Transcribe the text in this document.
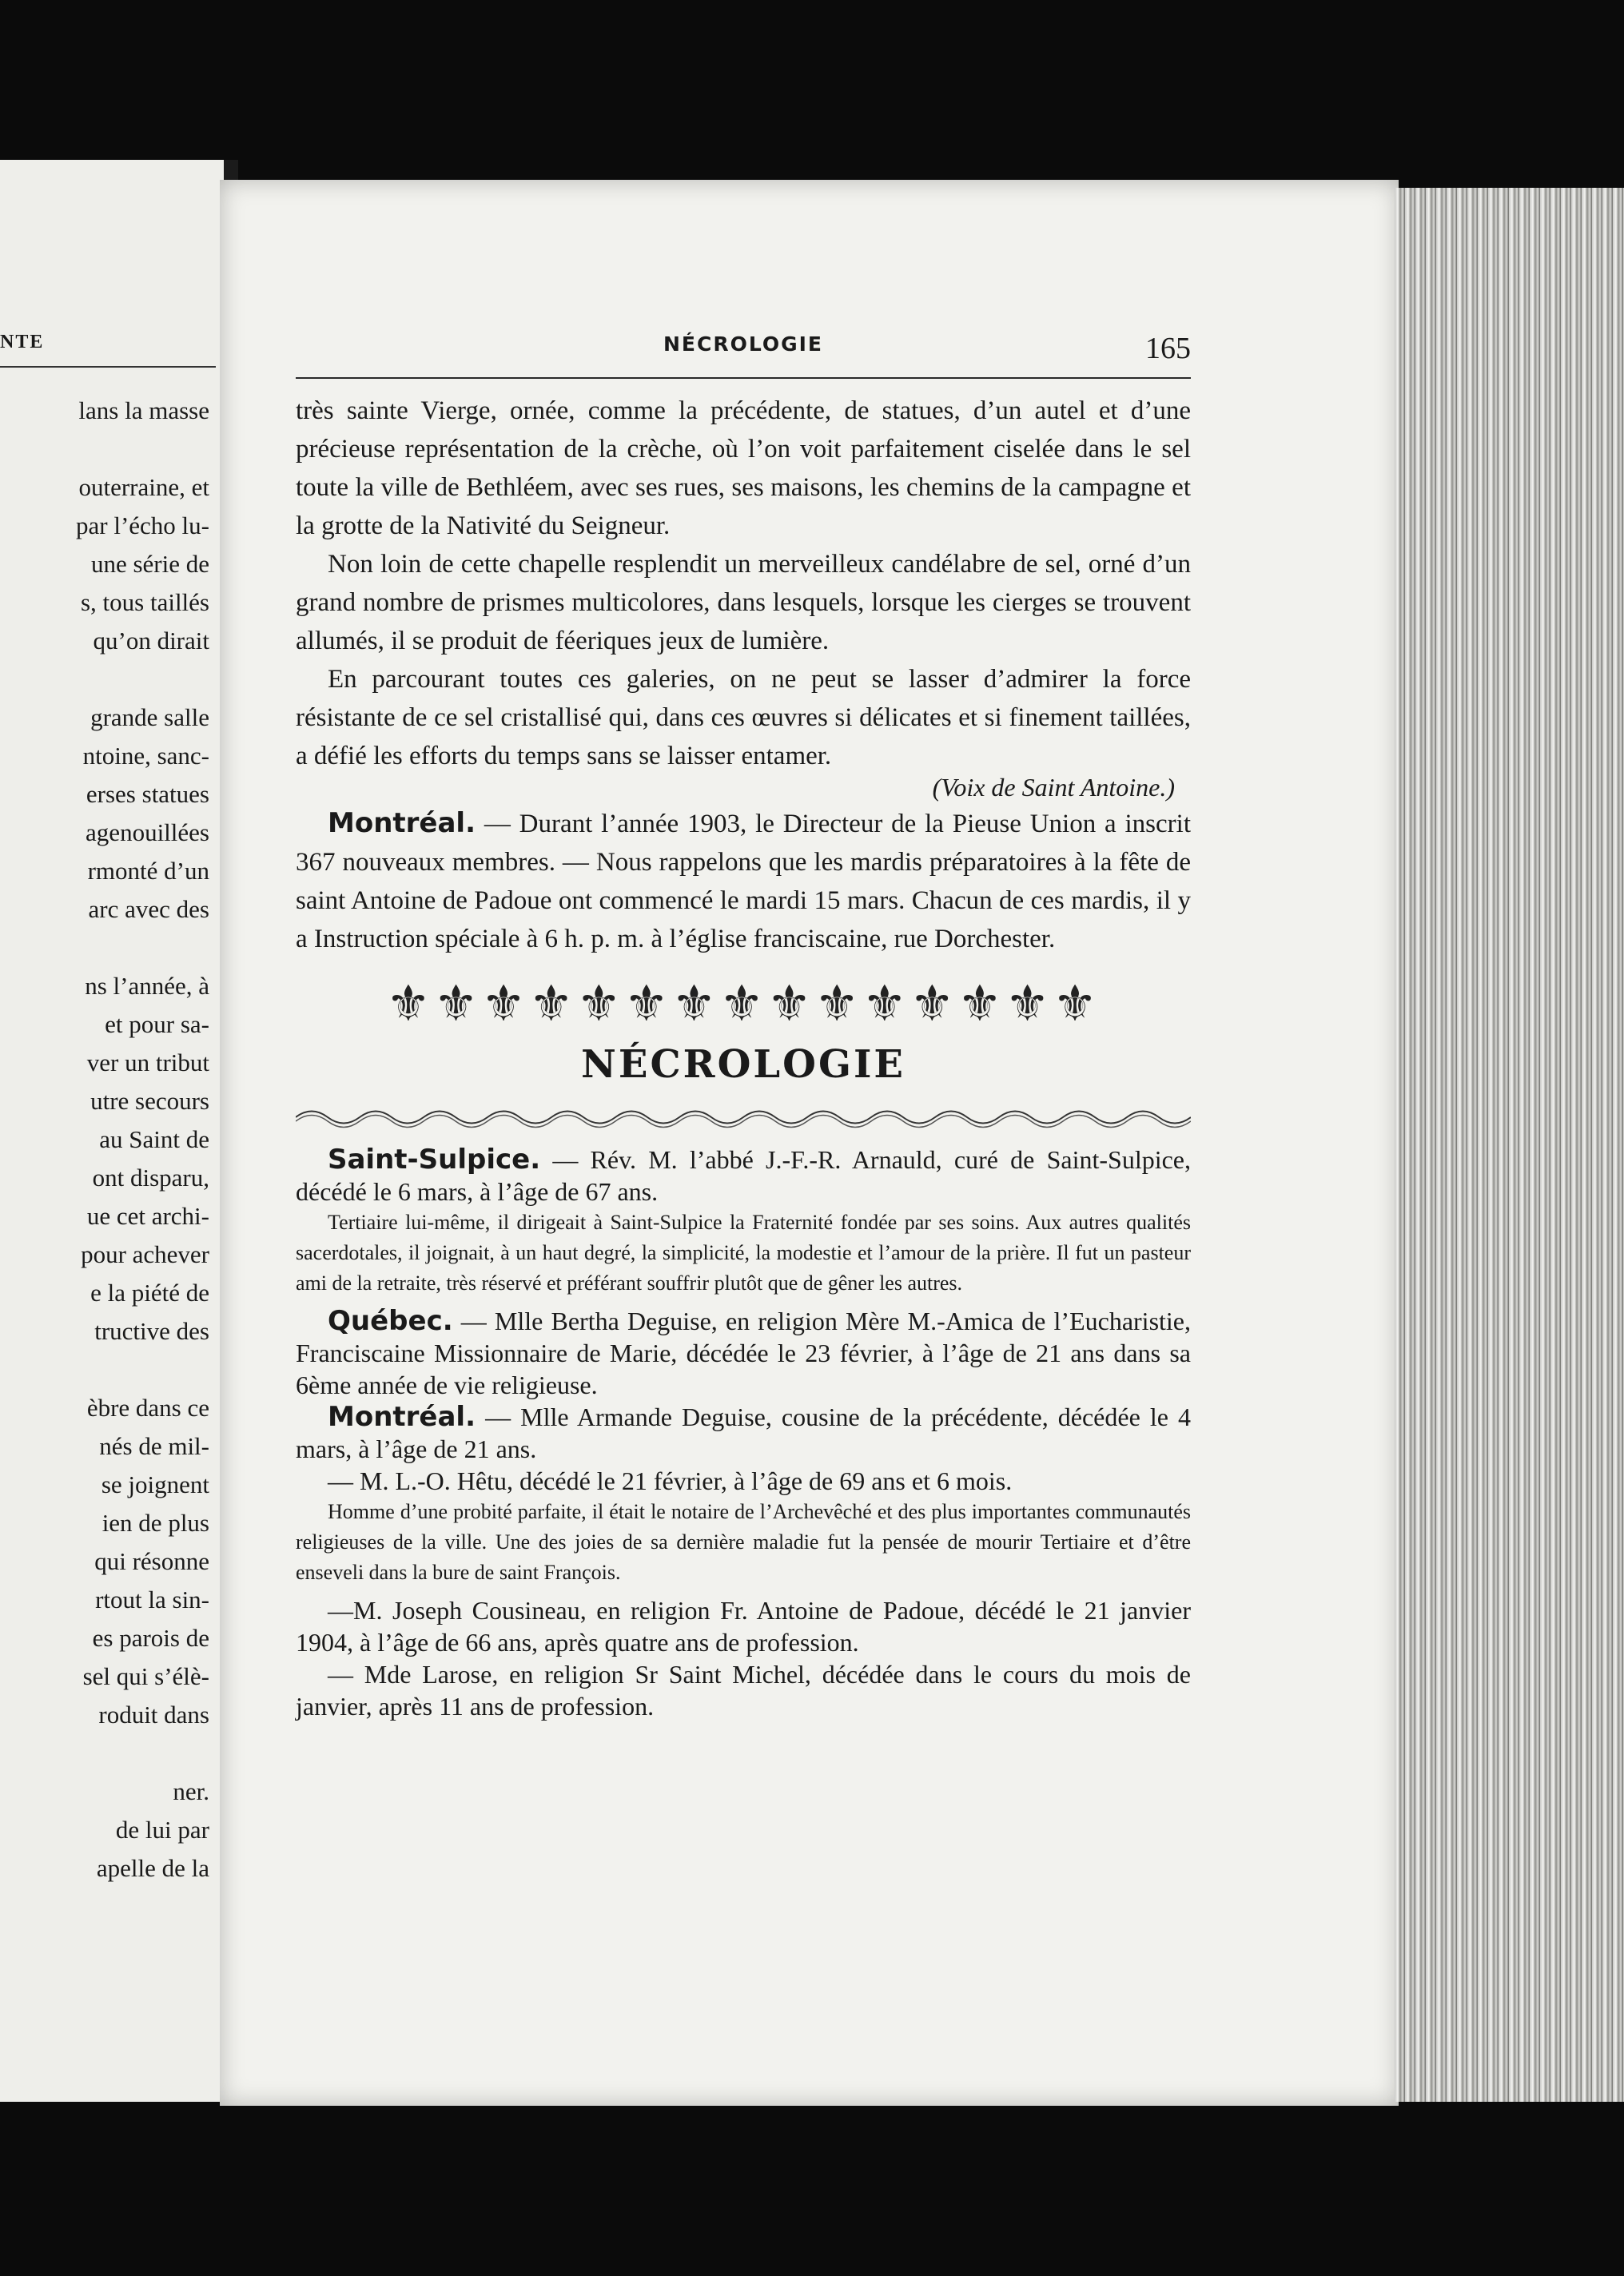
NTE
lans la masse
outerraine, et
par l’écho lu-
une série de
s, tous taillés
qu’on dirait
grande salle
ntoine, sanc-
erses statues
agenouillées
rmonté d’un
arc avec des
ns l’année, à
et pour sa-
ver un tribut
utre secours
au Saint de
ont disparu,
ue cet archi-
pour achever
e la piété de
tructive des
èbre dans ce
nés de mil-
se joignent
ien de plus
qui résonne
rtout la sin-
es parois de
sel qui s’élè-
roduit dans
ner.
de lui par
apelle de la
NÉCROLOGIE	165

très sainte Vierge, ornée, comme la précédente, de statues, d’un autel et d’une précieuse représentation de la crèche, où l’on voit parfaitement ciselée dans le sel toute la ville de Bethléem, avec ses rues, ses maisons, les chemins de la campagne et la grotte de la Nativité du Seigneur.

Non loin de cette chapelle resplendit un merveilleux candélabre de sel, orné d’un grand nombre de prismes multicolores, dans lesquels, lorsque les cierges se trouvent allumés, il se produit de féeriques jeux de lumière.

En parcourant toutes ces galeries, on ne peut se lasser d’admirer la force résistante de ce sel cristallisé qui, dans ces œuvres si délicates et si finement taillées, a défié les efforts du temps sans se laisser entamer.

(Voix de Saint Antoine.)

Montréal. — Durant l’année 1903, le Directeur de la Pieuse Union a inscrit 367 nouveaux membres. — Nous rappelons que les mardis préparatoires à la fête de saint Antoine de Padoue ont commencé le mardi 15 mars. Chacun de ces mardis, il y a Instruction spéciale à 6 h. p. m. à l’église franciscaine, rue Dorchester.

⚜⚜⚜⚜⚜⚜⚜⚜⚜⚜⚜⚜⚜⚜⚜
NÉCROLOGIE

Saint-Sulpice. — Rév. M. l’abbé J.-F.-R. Arnauld, curé de Saint-Sulpice, décédé le 6 mars, à l’âge de 67 ans.

Tertiaire lui-même, il dirigeait à Saint-Sulpice la Fraternité fondée par ses soins. Aux autres qualités sacerdotales, il joignait, à un haut degré, la simplicité, la modestie et l’amour de la prière. Il fut un pasteur ami de la retraite, très réservé et préférant souffrir plutôt que de gêner les autres.

Québec. — Mlle Bertha Deguise, en religion Mère M.-Amica de l’Eucharistie, Franciscaine Missionnaire de Marie, décédée le 23 février, à l’âge de 21 ans dans sa 6ème année de vie religieuse.

Montréal. — Mlle Armande Deguise, cousine de la précédente, décédée le 4 mars, à l’âge de 21 ans.

— M. L.-O. Hêtu, décédé le 21 février, à l’âge de 69 ans et 6 mois.

Homme d’une probité parfaite, il était le notaire de l’Archevêché et des plus importantes communautés religieuses de la ville. Une des joies de sa dernière maladie fut la pensée de mourir Tertiaire et d’être enseveli dans la bure de saint François.

—M. Joseph Cousineau, en religion Fr. Antoine de Padoue, décédé le 21 janvier 1904, à l’âge de 66 ans, après quatre ans de profession.

— Mde Larose, en religion Sr Saint Michel, décédée dans le cours du mois de janvier, après 11 ans de profession.
